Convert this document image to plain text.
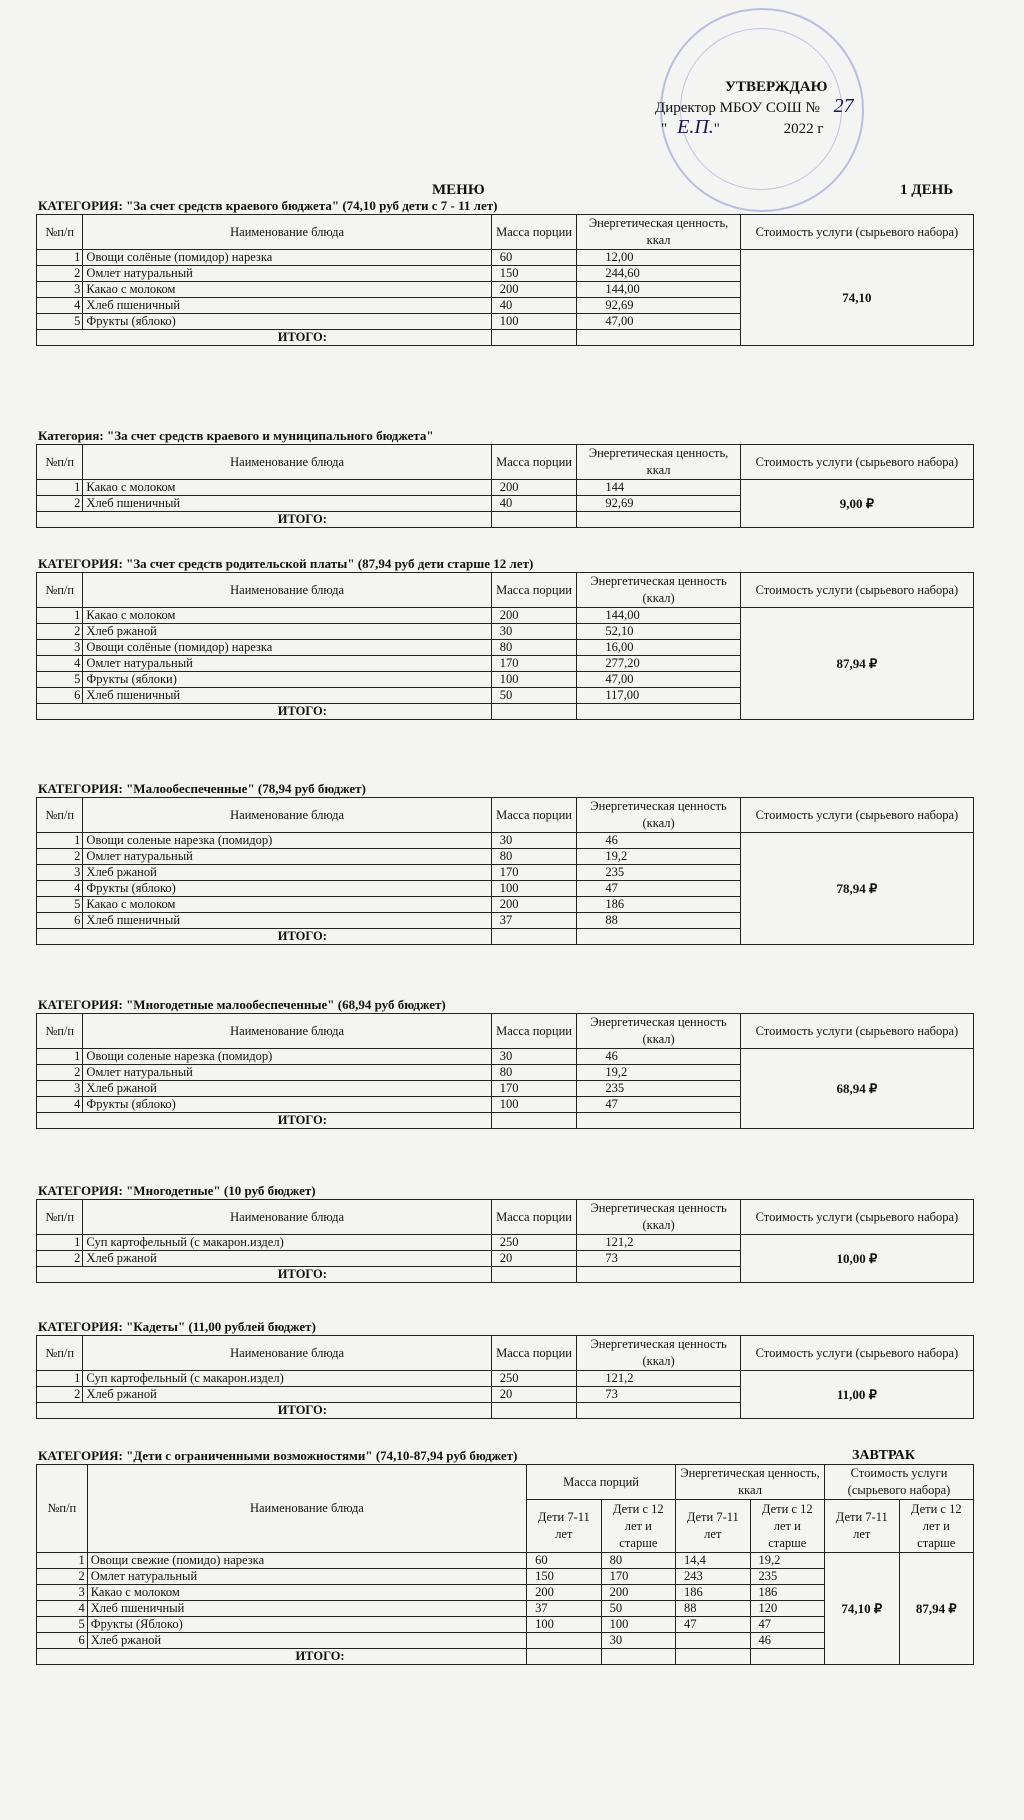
УТВЕРЖДАЮ
Директор МБОУ СОШ № 27
" Е.П."	2022 г
МЕНЮ	1 ДЕНЬ
КАТЕГОРИЯ: "За счет средств краевого бюджета" (74,10 руб дети с 7 - 11 лет)
№п/п	Наименование блюда	Масса порции	Энергетическая ценность, ккал	Стоимость услуги (сырьевого набора)
1	Овощи солёные (помидор) нарезка	60	12,00	74,10
2	Омлет натуральный	150	244,60	
3	Какао с молоком	200	144,00	
4	Хлеб пшеничный	40	92,69	
5	Фрукты (яблоко)	100	47,00	
ИТОГО:				
Категория: "За счет средств краевого и муниципального бюджета"
№п/п	Наименование блюда	Масса порции	Энергетическая ценность, ккал	Стоимость услуги (сырьевого набора)
1	Какао с молоком	200	144	9,00 ₽
2	Хлеб пшеничный	40	92,69	
ИТОГО:				
КАТЕГОРИЯ: "За счет средств родительской платы" (87,94 руб дети старше 12 лет)
№п/п	Наименование блюда	Масса порции	Энергетическая ценность (ккал)	Стоимость услуги (сырьевого набора)
1	Какао с молоком	200	144,00	87,94 ₽
2	Хлеб ржаной	30	52,10	
3	Овощи солёные (помидор) нарезка	80	16,00	
4	Омлет натуральный	170	277,20	
5	Фрукты (яблоки)	100	47,00	
6	Хлеб пшеничный	50	117,00	
ИТОГО:				
КАТЕГОРИЯ: "Малообеспеченные" (78,94 руб бюджет)
№п/п	Наименование блюда	Масса порции	Энергетическая ценность (ккал)	Стоимость услуги (сырьевого набора)
1	Овощи соленые нарезка (помидор)	30	46	78,94 ₽
2	Омлет натуральный	80	19,2	
3	Хлеб ржаной	170	235	
4	Фрукты (яблоко)	100	47	
5	Какао с молоком	200	186	
6	Хлеб пшеничный	37	88	
ИТОГО:				
КАТЕГОРИЯ: "Многодетные малообеспеченные" (68,94 руб бюджет)
№п/п	Наименование блюда	Масса порции	Энергетическая ценность (ккал)	Стоимость услуги (сырьевого набора)
1	Овощи соленые нарезка (помидор)	30	46	68,94 ₽
2	Омлет натуральный	80	19,2	
3	Хлеб ржаной	170	235	
4	Фрукты (яблоко)	100	47	
ИТОГО:				
КАТЕГОРИЯ: "Многодетные" (10 руб бюджет)
№п/п	Наименование блюда	Масса порции	Энергетическая ценность (ккал)	Стоимость услуги (сырьевого набора)
1	Суп картофельный (с макарон.издел)	250	121,2	10,00 ₽
2	Хлеб ржаной	20	73	
ИТОГО:				
КАТЕГОРИЯ: "Кадеты" (11,00 рублей бюджет)
№п/п	Наименование блюда	Масса порции	Энергетическая ценность (ккал)	Стоимость услуги (сырьевого набора)
1	Суп картофельный (с макарон.издел)	250	121,2	11,00 ₽
2	Хлеб ржаной	20	73	
ИТОГО:				
КАТЕГОРИЯ: "Дети с ограниченными возможностями" (74,10-87,94 руб бюджет)
№п/п	Наименование блюда	Масса порций		Энергетическая ценность, ккал		Стоимость услуги (сырьевого набора)	
		Дети 7-11 лет	Дети с 12 лет и старше	Дети 7-11 лет	Дети с 12 лет и старше	Дети 7-11 лет	Дети с 12 лет и старше
1	Овощи свежие (помидо) нарезка	60	80	14,4	19,2	74,10 ₽	87,94 ₽
2	Омлет натуральный	150	170	243	235		
3	Какао с молоком	200	200	186	186		
4	Хлеб пшеничный	37	50	88	120		
5	Фрукты (Яблоко)	100	100	47	47		
6	Хлеб ржаной		30		46		
ИТОГО:							
ЗАВТРАК
